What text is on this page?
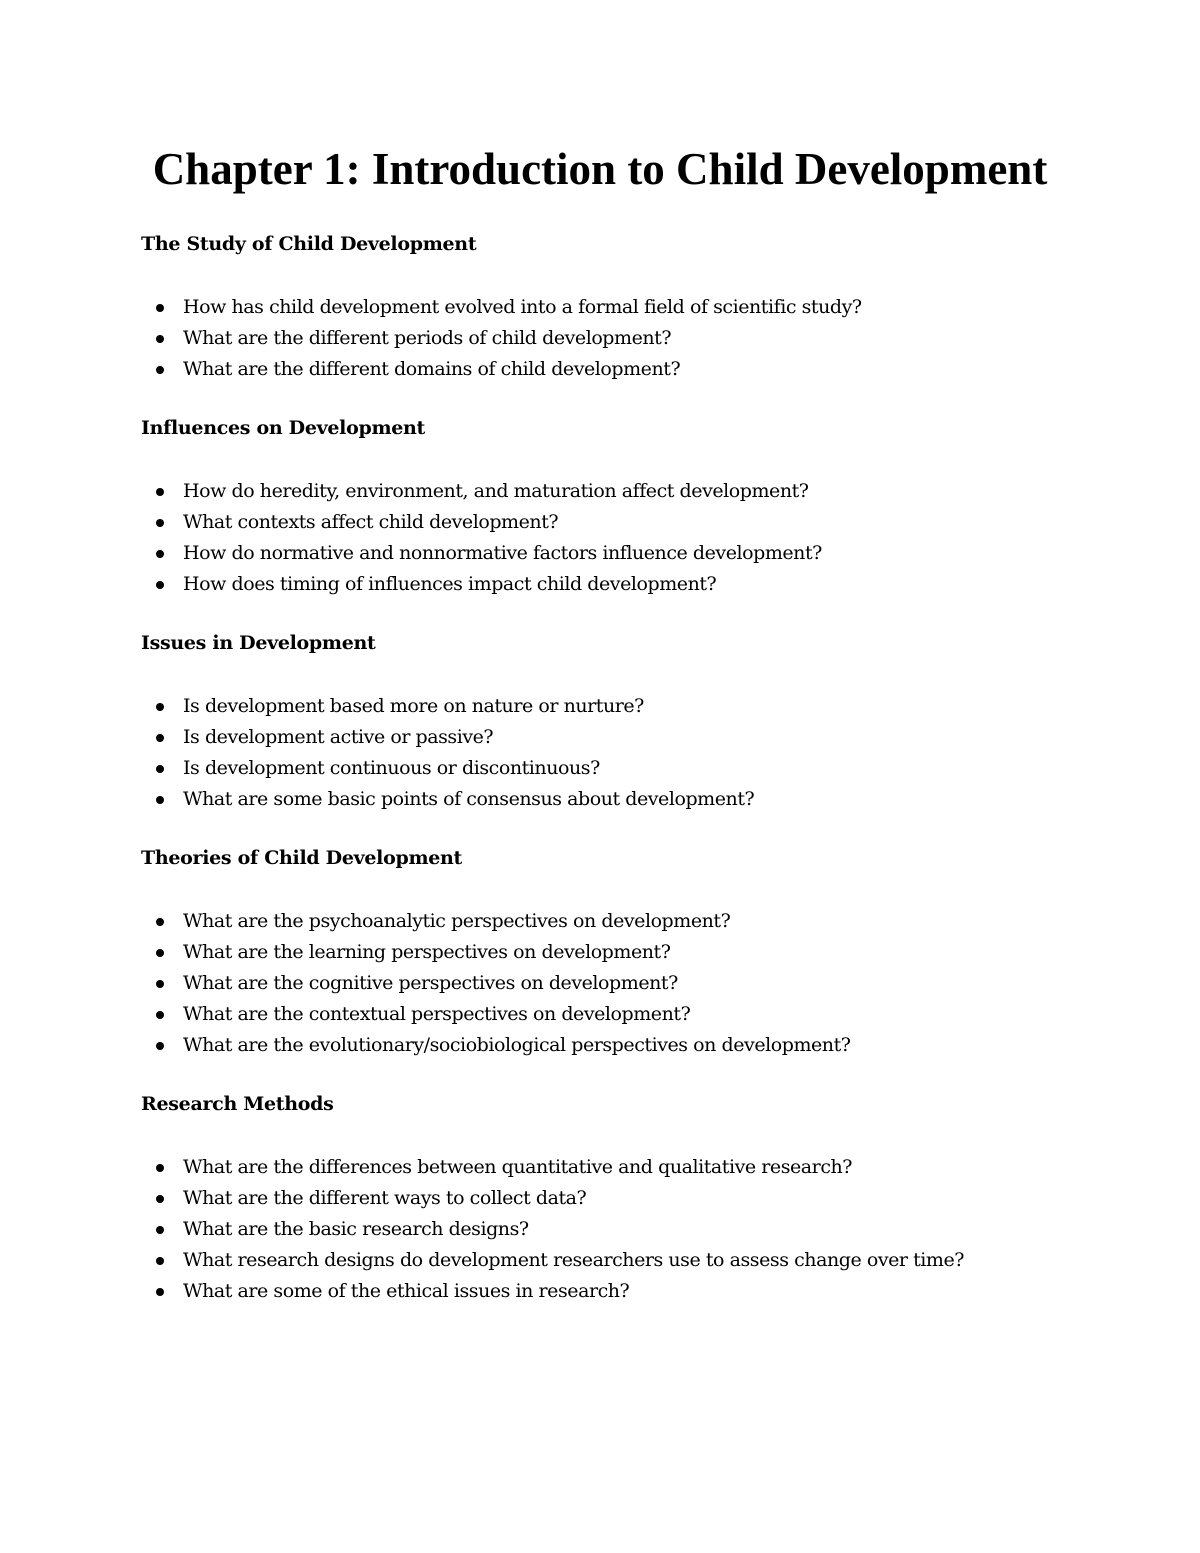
Chapter 1: Introduction to Child Development
The Study of Child Development
How has child development evolved into a formal field of scientific study?
What are the different periods of child development?
What are the different domains of child development?
Influences on Development
How do heredity, environment, and maturation affect development?
What contexts affect child development?
How do normative and nonnormative factors influence development?
How does timing of influences impact child development?
Issues in Development
Is development based more on nature or nurture?
Is development active or passive?
Is development continuous or discontinuous?
What are some basic points of consensus about development?
Theories of Child Development
What are the psychoanalytic perspectives on development?
What are the learning perspectives on development?
What are the cognitive perspectives on development?
What are the contextual perspectives on development?
What are the evolutionary/sociobiological perspectives on development?
Research Methods
What are the differences between quantitative and qualitative research?
What are the different ways to collect data?
What are the basic research designs?
What research designs do development researchers use to assess change over time?
What are some of the ethical issues in research?
